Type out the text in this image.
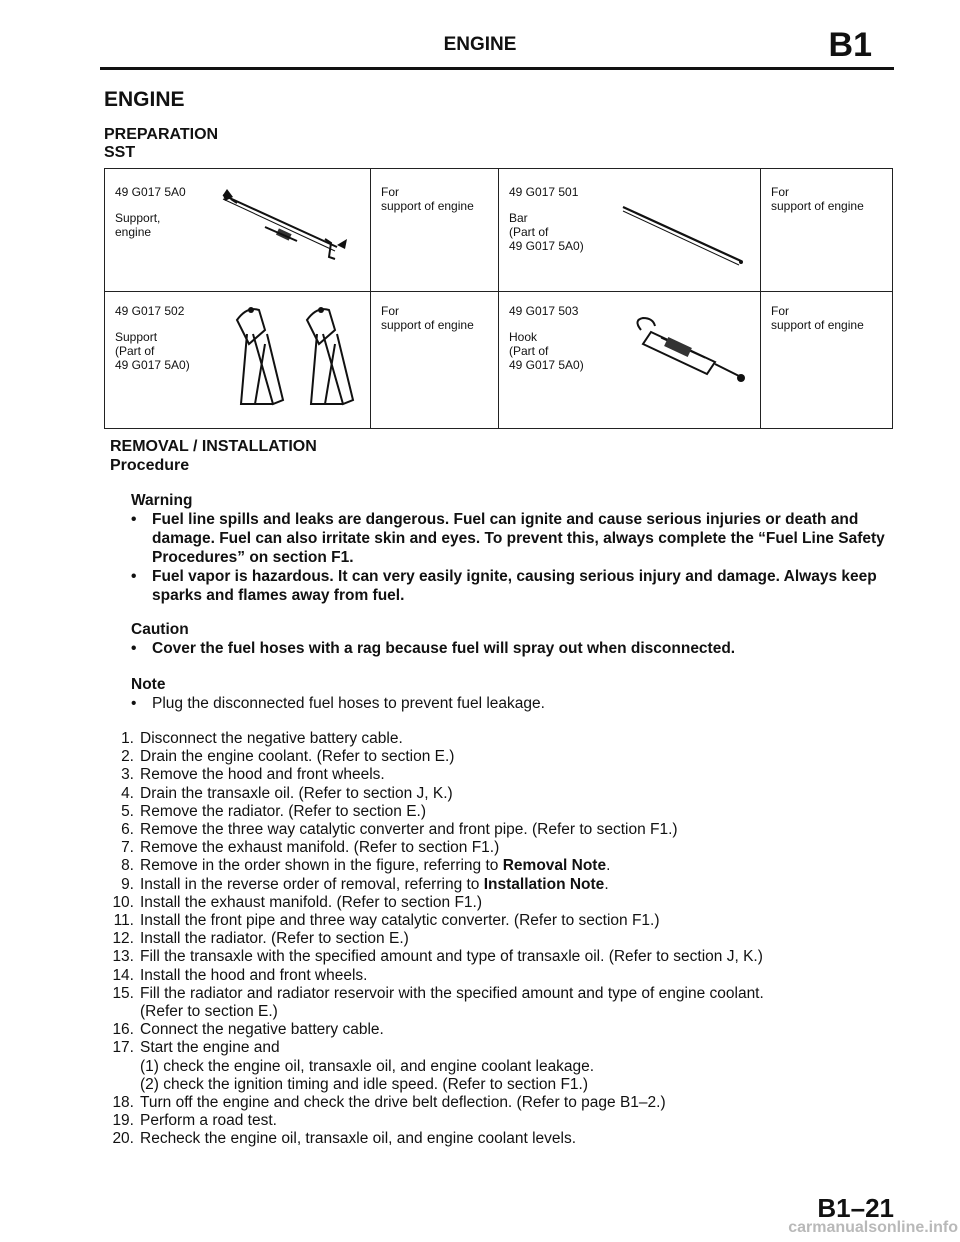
ENGINE	B1
ENGINE
PREPARATION
SST
49 G017 5A0
Support,
engine	For
support of engine	49 G017 501
Bar
(Part of
49 G017 5A0)	For
support of engine

49 G017 502
Support
(Part of
49 G017 5A0)	For
support of engine	49 G017 503
Hook
(Part of
49 G017 5A0)	For
support of engine
REMOVAL / INSTALLATION
Procedure
Warning
• Fuel line spills and leaks are dangerous. Fuel can ignite and cause serious injuries or death and damage. Fuel can also irritate skin and eyes. To prevent this, always complete the “Fuel Line Safety Procedures” on section F1.
• Fuel vapor is hazardous. It can very easily ignite, causing serious injury and damage. Always keep sparks and flames away from fuel.
Caution
• Cover the fuel hoses with a rag because fuel will spray out when disconnected.
Note
• Plug the disconnected fuel hoses to prevent fuel leakage.
1. Disconnect the negative battery cable.
2. Drain the engine coolant. (Refer to section E.)
3. Remove the hood and front wheels.
4. Drain the transaxle oil. (Refer to section J, K.)
5. Remove the radiator. (Refer to section E.)
6. Remove the three way catalytic converter and front pipe. (Refer to section F1.)
7. Remove the exhaust manifold. (Refer to section F1.)
8. Remove in the order shown in the figure, referring to Removal Note.
9. Install in the reverse order of removal, referring to Installation Note.
10. Install the exhaust manifold. (Refer to section F1.)
11. Install the front pipe and three way catalytic converter. (Refer to section F1.)
12. Install the radiator. (Refer to section E.)
13. Fill the transaxle with the specified amount and type of transaxle oil. (Refer to section J, K.)
14. Install the hood and front wheels.
15. Fill the radiator and radiator reservoir with the specified amount and type of engine coolant.
(Refer to section E.)
16. Connect the negative battery cable.
17. Start the engine and
(1) check the engine oil, transaxle oil, and engine coolant leakage.
(2) check the ignition timing and idle speed. (Refer to section F1.)
18. Turn off the engine and check the drive belt deflection. (Refer to page B1–2.)
19. Perform a road test.
20. Recheck the engine oil, transaxle oil, and engine coolant levels.
B1–21
carmanualsonline.info
